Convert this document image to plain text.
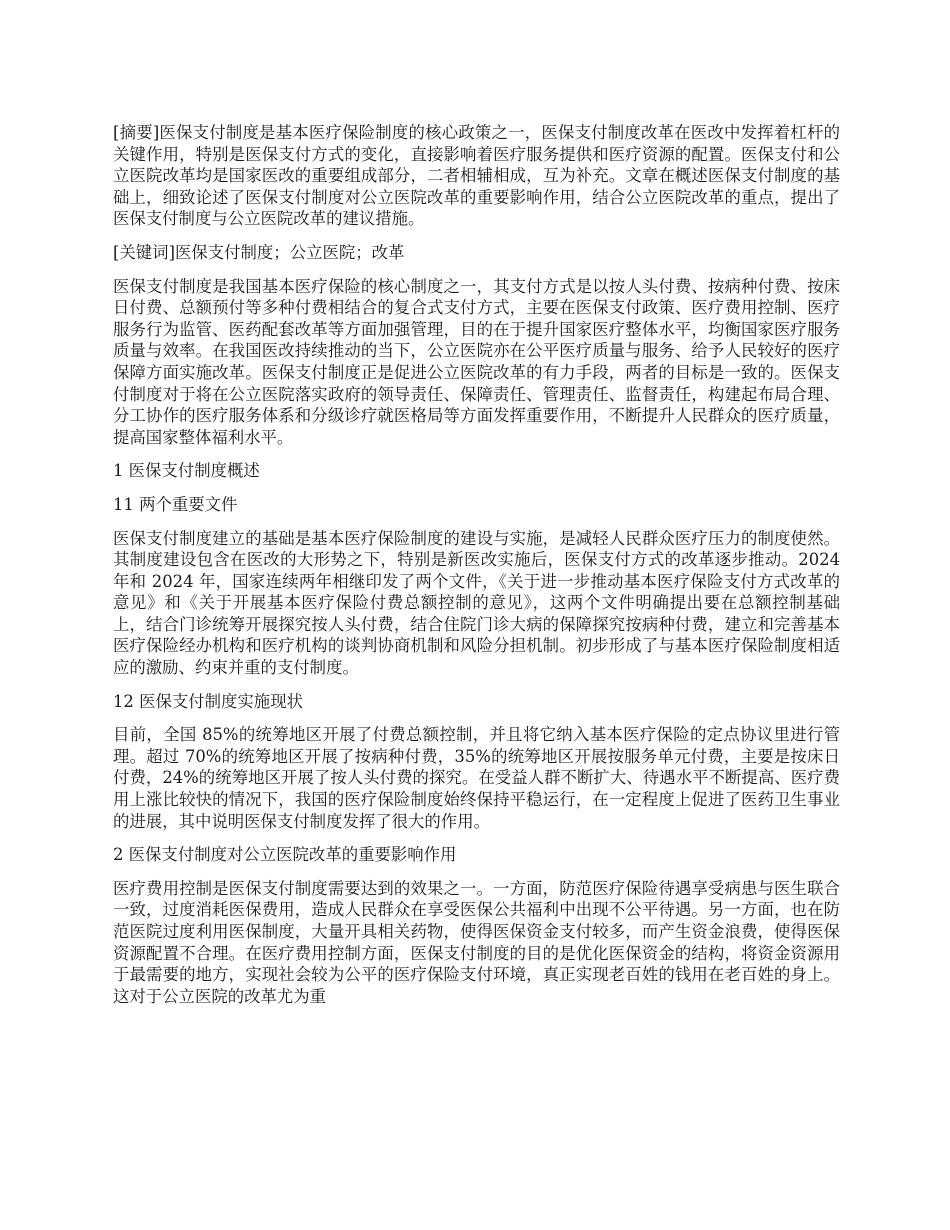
[摘要]医保支付制度是基本医疗保险制度的核心政策之一，医保支付制度改革在医改中发挥着杠杆的关键作用，特别是医保支付方式的变化，直接影响着医疗服务提供和医疗资源的配置。医保支付和公立医院改革均是国家医改的重要组成部分，二者相辅相成，互为补充。文章在概述医保支付制度的基础上，细致论述了医保支付制度对公立医院改革的重要影响作用，结合公立医院改革的重点，提出了医保支付制度与公立医院改革的建议措施。

[关键词]医保支付制度；公立医院；改革

医保支付制度是我国基本医疗保险的核心制度之一，其支付方式是以按人头付费、按病种付费、按床日付费、总额预付等多种付费相结合的复合式支付方式，主要在医保支付政策、医疗费用控制、医疗服务行为监管、医药配套改革等方面加强管理，目的在于提升国家医疗整体水平，均衡国家医疗服务质量与效率。在我国医改持续推动的当下，公立医院亦在公平医疗质量与服务、给予人民较好的医疗保障方面实施改革。医保支付制度正是促进公立医院改革的有力手段，两者的目标是一致的。医保支付制度对于将在公立医院落实政府的领导责任、保障责任、管理责任、监督责任，构建起布局合理、分工协作的医疗服务体系和分级诊疗就医格局等方面发挥重要作用，不断提升人民群众的医疗质量，提高国家整体福利水平。

1 医保支付制度概述

11 两个重要文件

医保支付制度建立的基础是基本医疗保险制度的建设与实施，是减轻人民群众医疗压力的制度使然。其制度建设包含在医改的大形势之下，特别是新医改实施后，医保支付方式的改革逐步推动。2024 年和 2024 年，国家连续两年相继印发了两个文件，《关于进一步推动基本医疗保险支付方式改革的意见》和《关于开展基本医疗保险付费总额控制的意见》，这两个文件明确提出要在总额控制基础上，结合门诊统筹开展探究按人头付费，结合住院门诊大病的保障探究按病种付费，建立和完善基本医疗保险经办机构和医疗机构的谈判协商机制和风险分担机制。初步形成了与基本医疗保险制度相适应的激励、约束并重的支付制度。

12 医保支付制度实施现状

目前，全国 85%的统筹地区开展了付费总额控制，并且将它纳入基本医疗保险的定点协议里进行管理。超过 70%的统筹地区开展了按病种付费，35%的统筹地区开展按服务单元付费，主要是按床日付费，24%的统筹地区开展了按人头付费的探究。在受益人群不断扩大、待遇水平不断提高、医疗费用上涨比较快的情况下，我国的医疗保险制度始终保持平稳运行，在一定程度上促进了医药卫生事业的进展，其中说明医保支付制度发挥了很大的作用。

2 医保支付制度对公立医院改革的重要影响作用

医疗费用控制是医保支付制度需要达到的效果之一。一方面，防范医疗保险待遇享受病患与医生联合一致，过度消耗医保费用，造成人民群众在享受医保公共福利中出现不公平待遇。另一方面，也在防范医院过度利用医保制度，大量开具相关药物，使得医保资金支付较多，而产生资金浪费，使得医保资源配置不合理。在医疗费用控制方面，医保支付制度的目的是优化医保资金的结构，将资金资源用于最需要的地方，实现社会较为公平的医疗保险支付环境，真正实现老百姓的钱用在老百姓的身上。这对于公立医院的改革尤为重
